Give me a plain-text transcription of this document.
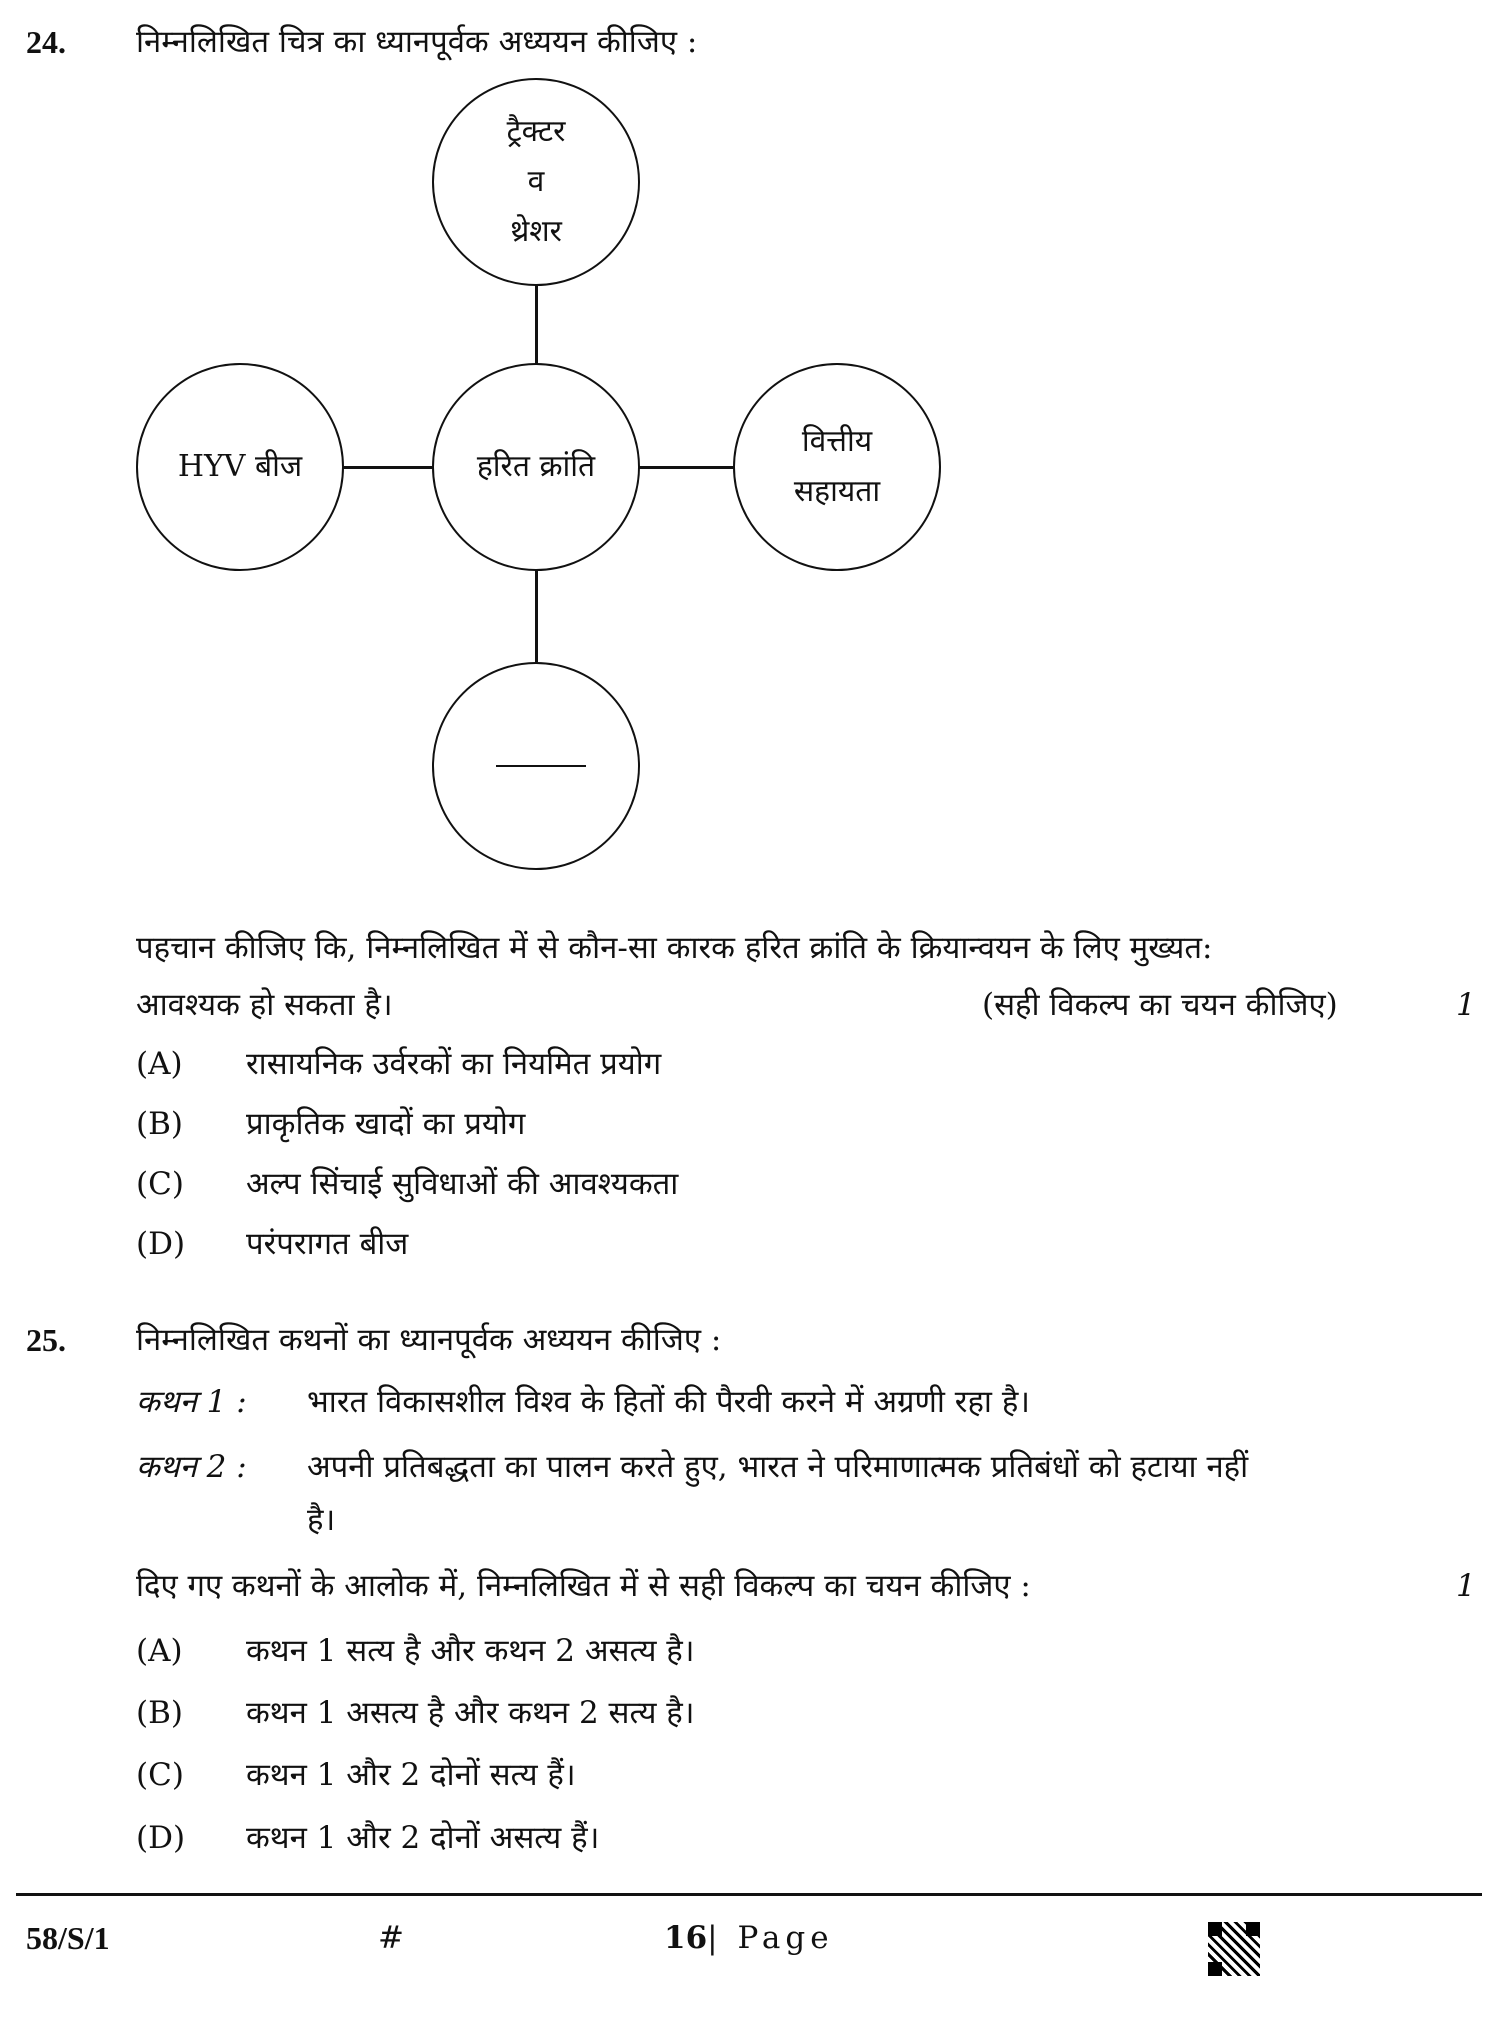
24. निम्नलिखित चित्र का ध्यानपूर्वक अध्ययन कीजिए :
ट्रैक्टर
व
थ्रेशर
HYV बीज	हरित क्रांति
वित्तीय
सहायता
पहचान कीजिए कि, निम्नलिखित में से कौन-सा कारक हरित क्रांति के क्रियान्वयन के लिए मुख्यत:
आवश्यक हो सकता है।	(सही विकल्प का चयन कीजिए)	1
(A) रासायनिक उर्वरकों का नियमित प्रयोग
(B) प्राकृतिक खादों का प्रयोग
(C) अल्प सिंचाई सुविधाओं की आवश्यकता
(D) परंपरागत बीज
25. निम्नलिखित कथनों का ध्यानपूर्वक अध्ययन कीजिए :
कथन 1 : भारत विकासशील विश्व के हितों की पैरवी करने में अग्रणी रहा है।
कथन 2 : अपनी प्रतिबद्धता का पालन करते हुए, भारत ने परिमाणात्मक प्रतिबंधों को हटाया नहीं
है।
दिए गए कथनों के आलोक में, निम्नलिखित में से सही विकल्प का चयन कीजिए :	1
(A) कथन 1 सत्य है और कथन 2 असत्य है।
(B) कथन 1 असत्य है और कथन 2 सत्य है।
(C) कथन 1 और 2 दोनों सत्य हैं।
(D) कथन 1 और 2 दोनों असत्य हैं।
58/S/1	#	16| Page
